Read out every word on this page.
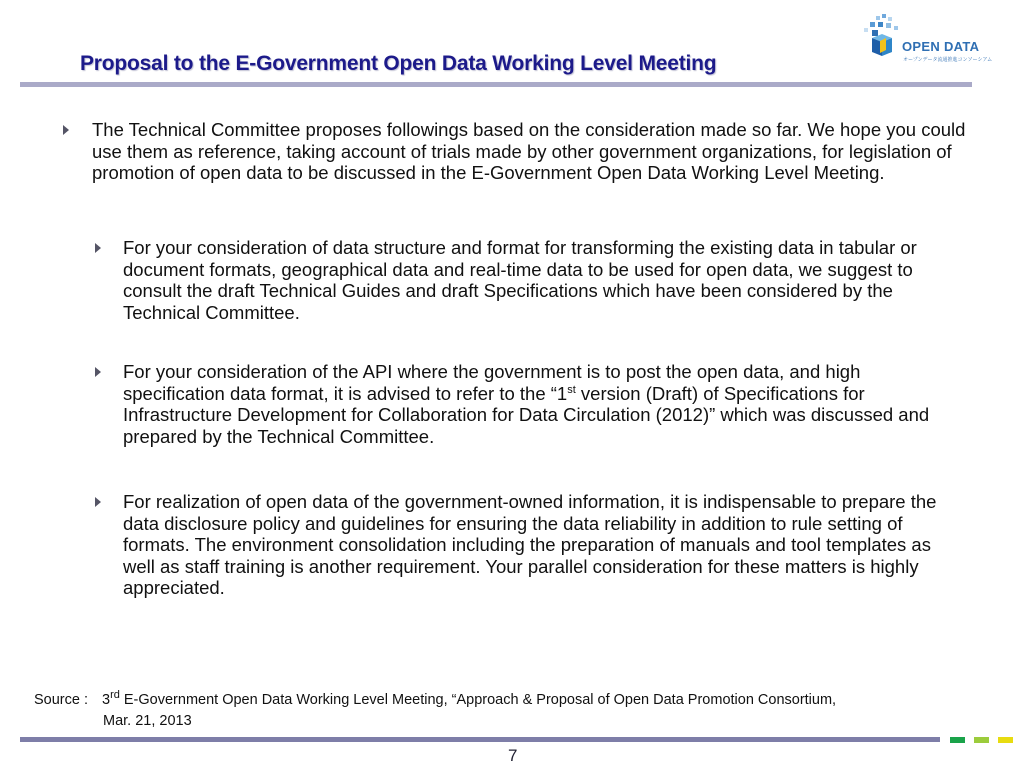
Proposal to the E-Government Open Data Working Level Meeting
OPEN DATA
オープンデータ流通推進コンソーシアム

The Technical Committee proposes followings based on the consideration made so far. We hope you could use them as reference, taking account of trials made by other government organizations, for legislation of promotion of open data to be discussed in the E-Government Open Data Working Level Meeting.

For your consideration of data structure and format for transforming the existing data in tabular or document formats, geographical data and real-time data to be used for open data, we suggest to consult the draft Technical Guides and draft Specifications which have been considered by the Technical Committee.

For your consideration of the API where the government is to post the open data, and high specification data format, it is advised to refer to the “1st version (Draft) of Specifications for Infrastructure Development for Collaboration for Data Circulation (2012)” which was discussed and prepared by the Technical Committee.

For realization of open data of the government-owned information, it is indispensable to prepare the data disclosure policy and guidelines for ensuring the data reliability in addition to rule setting of formats. The environment consolidation including the preparation of manuals and tool templates as well as staff training is another requirement. Your parallel consideration for these matters is highly appreciated.

Source : 3rd E-Government Open Data Working Level Meeting, “Approach & Proposal of Open Data Promotion Consortium,
Mar. 21, 2013
7
